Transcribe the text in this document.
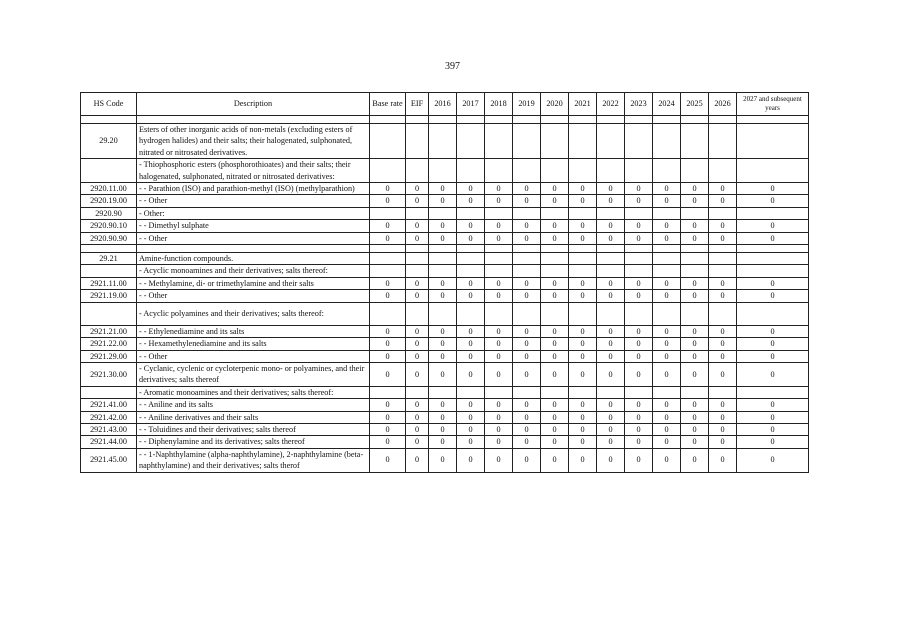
397
HS Code	Description	Base rate	EIF	2016	2017	2018	2019	2020	2021	2022	2023	2024	2025	2026	2027 and subsequent years

29.20	Esters of other inorganic acids of non-metals (excluding esters of hydrogen halides) and their salts; their halogenated, sulphonated, nitrated or nitrosated derivatives.														
	- Thiophosphoric esters (phosphorothioates) and their salts; their halogenated, sulphonated, nitrated or nitrosated derivatives:														
2920.11.00	- - Parathion (ISO) and parathion-methyl (ISO) (methylparathion)	0	0	0	0	0	0	0	0	0	0	0	0	0	0
2920.19.00	- - Other	0	0	0	0	0	0	0	0	0	0	0	0	0	0
2920.90	- Other:														
2920.90.10	- - Dimethyl sulphate	0	0	0	0	0	0	0	0	0	0	0	0	0	0
2920.90.90	- - Other	0	0	0	0	0	0	0	0	0	0	0	0	0	0

29.21	Amine-function compounds.														
	- Acyclic monoamines and their derivatives; salts thereof:														
2921.11.00	- - Methylamine, di- or trimethylamine and their salts	0	0	0	0	0	0	0	0	0	0	0	0	0	0
2921.19.00	- - Other	0	0	0	0	0	0	0	0	0	0	0	0	0	0
	- Acyclic polyamines and their derivatives; salts thereof:														
2921.21.00	- - Ethylenediamine and its salts	0	0	0	0	0	0	0	0	0	0	0	0	0	0
2921.22.00	- - Hexamethylenediamine and its salts	0	0	0	0	0	0	0	0	0	0	0	0	0	0
2921.29.00	- - Other	0	0	0	0	0	0	0	0	0	0	0	0	0	0
2921.30.00	- Cyclanic, cyclenic or cycloterpenic mono- or polyamines, and their derivatives; salts thereof	0	0	0	0	0	0	0	0	0	0	0	0	0	0
	- Aromatic monoamines and their derivatives; salts thereof:														
2921.41.00	- - Aniline and its salts	0	0	0	0	0	0	0	0	0	0	0	0	0	0
2921.42.00	- - Aniline derivatives and their salts	0	0	0	0	0	0	0	0	0	0	0	0	0	0
2921.43.00	- - Toluidines and their derivatives; salts thereof	0	0	0	0	0	0	0	0	0	0	0	0	0	0
2921.44.00	- - Diphenylamine and its derivatives; salts thereof	0	0	0	0	0	0	0	0	0	0	0	0	0	0
2921.45.00	- - 1-Naphthylamine (alpha-naphthylamine), 2-naphthylamine (beta-naphthylamine) and their derivatives; salts therof	0	0	0	0	0	0	0	0	0	0	0	0	0	0
